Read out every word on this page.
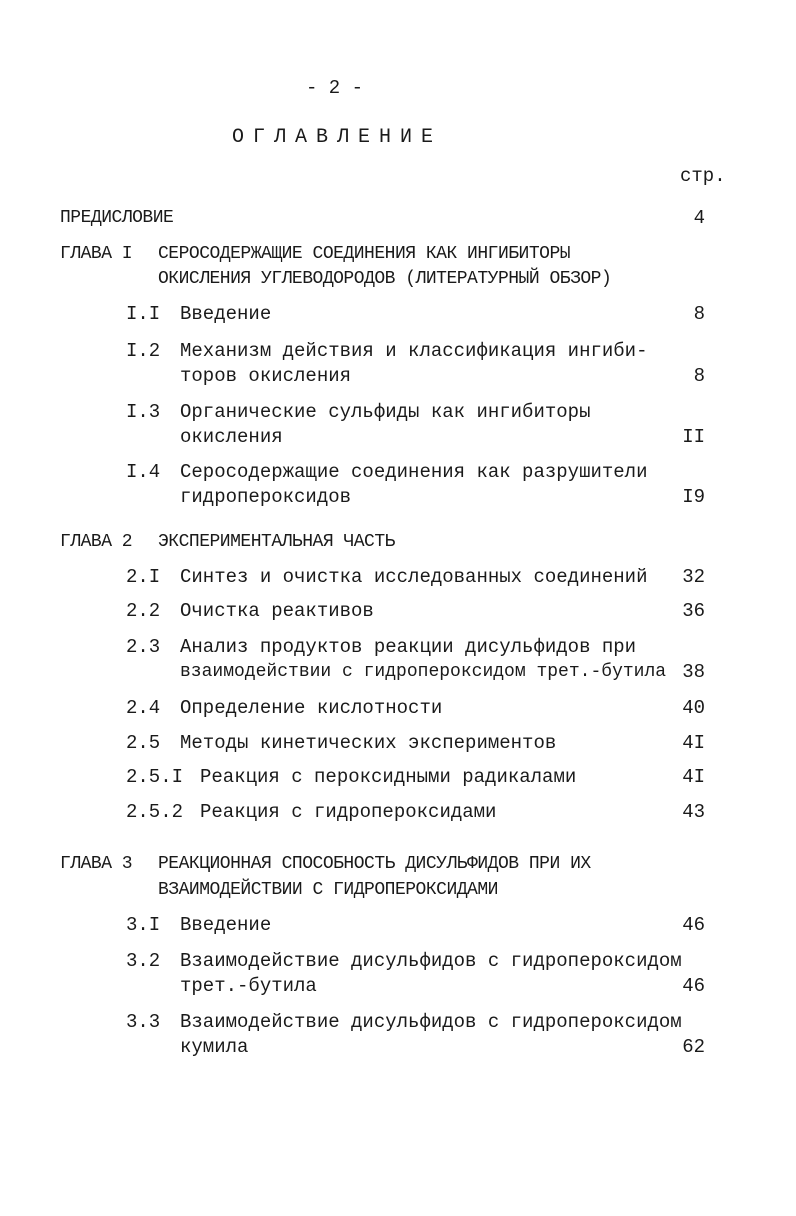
- 2 -
ОГЛАВЛЕНИЕ
стр.
ПРЕДИСЛОВИЕ	4
ГЛАВА I СЕРОСОДЕРЖАЩИЕ СОЕДИНЕНИЯ КАК ИНГИБИТОРЫ
ОКИСЛЕНИЯ УГЛЕВОДОРОДОВ (ЛИТЕРАТУРНЫЙ ОБЗОР)
I.I Введение	8
I.2 Механизм действия и классификация ингиби-
торов окисления	8
I.3 Органические сульфиды как ингибиторы
окисления	II
I.4 Серосодержащие соединения как разрушители
гидропероксидов	I9
ГЛАВА 2 ЭКСПЕРИМЕНТАЛЬНАЯ ЧАСТЬ
2.I Синтез и очистка исследованных соединений	32
2.2 Очистка реактивов	36
2.3 Анализ продуктов реакции дисульфидов при
взаимодействии с гидропероксидом трет.-бутила 38
2.4 Определение кислотности	40
2.5 Методы кинетических экспериментов	4I
2.5.I Реакция с пероксидными радикалами	4I
2.5.2 Реакция с гидропероксидами	43
ГЛАВА 3 РЕАКЦИОННАЯ СПОСОБНОСТЬ ДИСУЛЬФИДОВ ПРИ ИХ
ВЗАИМОДЕЙСТВИИ С ГИДРОПЕРОКСИДАМИ
3.I Введение	46
3.2 Взаимодействие дисульфидов с гидропероксидом
трет.-бутила	46
3.3 Взаимодействие дисульфидов с гидропероксидом
кумила	62
